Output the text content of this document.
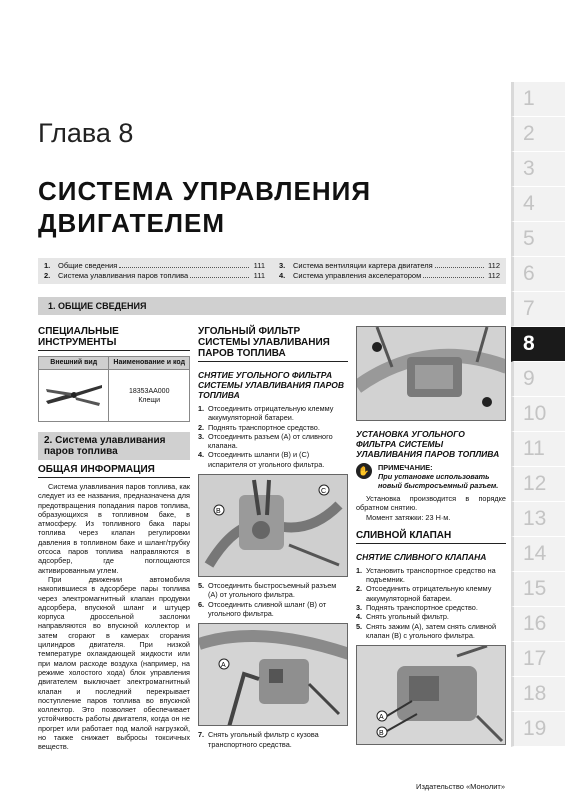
1
2
3
4
5
6
7
8
9
10
11
12
13
14
15
16
17
18
19
Глава 8
СИСТЕМА УПРАВЛЕНИЯ
ДВИГАТЕЛЕМ
1.	Общие сведения	111
2.	Система улавливания паров топлива	111
3.	Система вентиляции картера двигателя	112
4.	Система управления акселератором	112
1. ОБЩИЕ СВЕДЕНИЯ
СПЕЦИАЛЬНЫЕ ИНСТРУМЕНТЫ
Внешний вид	Наименование и код

18353AA000
Клещи
2. Система улавливания паров топлива
ОБЩАЯ ИНФОРМАЦИЯ

Система улавливания паров топлива, как следует из ее названия, предназначена для предотвращения попадания паров топлива, образующихся в топливном баке, в атмосферу. Из топливного бака пары топлива через клапан регулировки давления в топливном баке и шланг/трубку отсоса паров топлива направляются в адсорбер, где поглощаются активированным углем.

При движении автомобиля накопившиеся в адсорбере пары топлива через электромагнитный клапан продувки адсорбера, впускной шланг и штуцер корпуса дроссельной заслонки направляются во впускной коллектор и затем сгорают в камерах сгорания цилиндров двигателя. При низкой температуре охлаждающей жидкости или при малом расходе воздуха (например, на режиме холостого хода) блок управления двигателем выключает электромагнитный клапан и последний перекрывает поступление паров топлива во впускной коллектор. Это позволяет обеспечивает устойчивость работы двигателя, когда он не прогрет или работает под малой нагрузкой, но также снижает выбросы токсичных веществ.

УГОЛЬНЫЙ ФИЛЬТР СИСТЕМЫ УЛАВЛИВАНИЯ ПАРОВ ТОПЛИВА
СНЯТИЕ УГОЛЬНОГО ФИЛЬТРА СИСТЕМЫ УЛАВЛИВАНИЯ ПАРОВ ТОПЛИВА
1. Отсоединить отрицательную клемму аккумуляторной батареи.
2. Поднять транспортное средство.
3. Отсоединить разъем (А) от сливного клапана.
4. Отсоединить шланги (В) и (С) испарителя от угольного фильтра.
B
C
5. Отсоединить быстросъемный разъем (А) от угольного фильтра.
6. Отсоединить сливной шланг (В) от угольного фильтра.
A
7. Снять угольный фильтр с кузова транспортного средства.
УСТАНОВКА УГОЛЬНОГО ФИЛЬТРА СИСТЕМЫ УЛАВЛИВАНИЯ ПАРОВ ТОПЛИВА
✋	ПРИМЕЧАНИЕ:
При установке использовать новый быстросъемный разъем.

Установка производится в порядке обратном снятию.

Момент затяжки: 23 Н·м.

СЛИВНОЙ КЛАПАН
СНЯТИЕ СЛИВНОГО КЛАПАНА
1. Установить транспортное средство на подъемник.
2. Отсоединить отрицательную клемму аккумуляторной батареи.
3. Поднять транспортное средство.
4. Снять угольный фильтр.
5. Снять зажим (А), затем снять сливной клапан (В) с угольного фильтра.
A
B
Издательство «Монолит»
